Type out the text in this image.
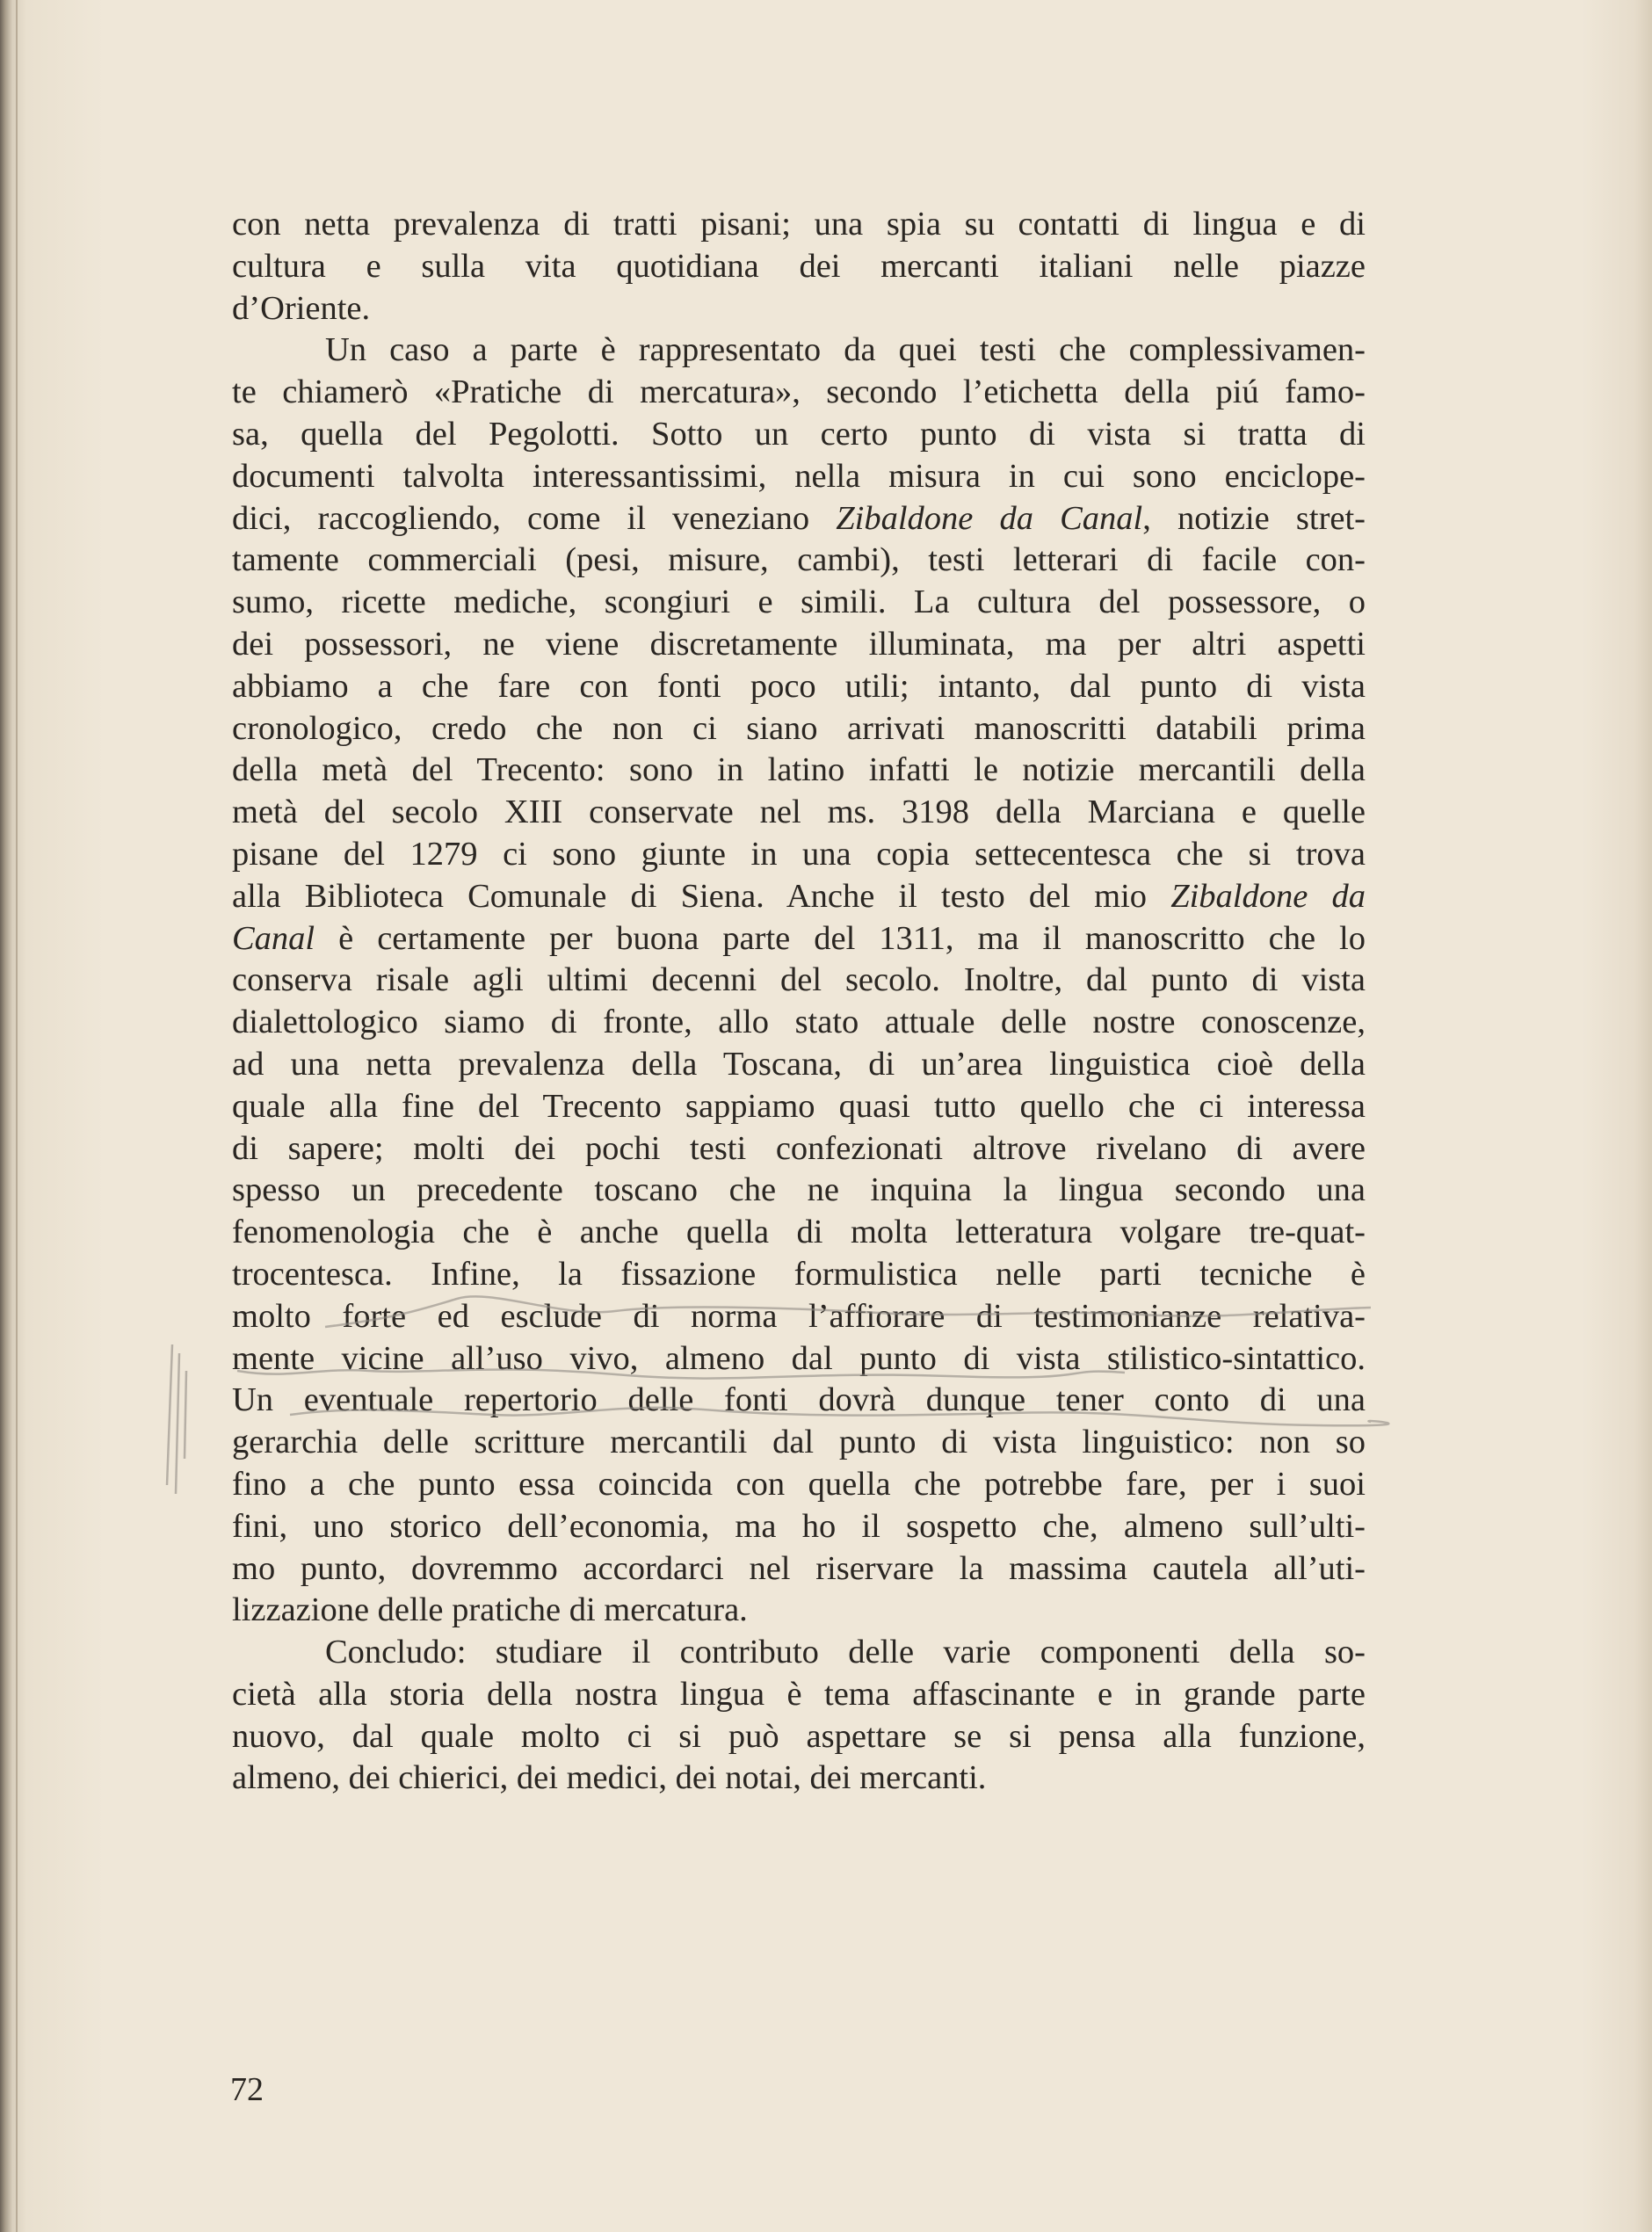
con netta prevalenza di tratti pisani; una spia su contatti di lingua e di
cultura e sulla vita quotidiana dei mercanti italiani nelle piazze
d’Oriente.
Un caso a parte è rappresentato da quei testi che complessivamen-
te chiamerò «Pratiche di mercatura», secondo l’etichetta della piú famo-
sa, quella del Pegolotti. Sotto un certo punto di vista si tratta di
documenti talvolta interessantissimi, nella misura in cui sono enciclope-
dici, raccogliendo, come il veneziano Zibaldone da Canal, notizie stret-
tamente commerciali (pesi, misure, cambi), testi letterari di facile con-
sumo, ricette mediche, scongiuri e simili. La cultura del possessore, o
dei possessori, ne viene discretamente illuminata, ma per altri aspetti
abbiamo a che fare con fonti poco utili; intanto, dal punto di vista
cronologico, credo che non ci siano arrivati manoscritti databili prima
della metà del Trecento: sono in latino infatti le notizie mercantili della
metà del secolo XIII conservate nel ms. 3198 della Marciana e quelle
pisane del 1279 ci sono giunte in una copia settecentesca che si trova
alla Biblioteca Comunale di Siena. Anche il testo del mio Zibaldone da
Canal è certamente per buona parte del 1311, ma il manoscritto che lo
conserva risale agli ultimi decenni del secolo. Inoltre, dal punto di vista
dialettologico siamo di fronte, allo stato attuale delle nostre conoscenze,
ad una netta prevalenza della Toscana, di un’area linguistica cioè della
quale alla fine del Trecento sappiamo quasi tutto quello che ci interessa
di sapere; molti dei pochi testi confezionati altrove rivelano di avere
spesso un precedente toscano che ne inquina la lingua secondo una
fenomenologia che è anche quella di molta letteratura volgare tre-quat-
trocentesca. Infine, la fissazione formulistica nelle parti tecniche è
molto forte ed esclude di norma l’affiorare di testimonianze relativa-
mente vicine all’uso vivo, almeno dal punto di vista stilistico-sintattico.
Un eventuale repertorio delle fonti dovrà dunque tener conto di una
gerarchia delle scritture mercantili dal punto di vista linguistico: non so
fino a che punto essa coincida con quella che potrebbe fare, per i suoi
fini, uno storico dell’economia, ma ho il sospetto che, almeno sull’ulti-
mo punto, dovremmo accordarci nel riservare la massima cautela all’uti-
lizzazione delle pratiche di mercatura.
Concludo: studiare il contributo delle varie componenti della so-
cietà alla storia della nostra lingua è tema affascinante e in grande parte
nuovo, dal quale molto ci si può aspettare se si pensa alla funzione,
almeno, dei chierici, dei medici, dei notai, dei mercanti.
72
